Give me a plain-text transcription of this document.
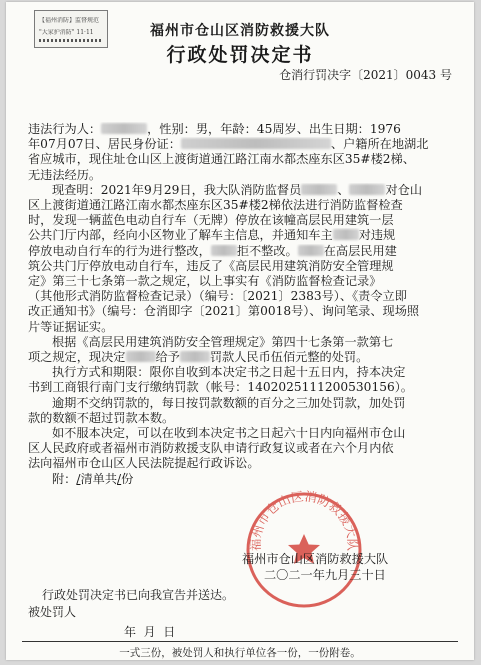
【福州消防】监督规范
"大家护消防" 11·11	福州市仓山区消防救援大队
行政处罚决定书
仓消行罚决字〔2021〕0043 号
违法行为人：	，性别：男，年龄：45周岁、出生日期：1976
年07月07日、居民身份证：	、户籍所在地湖北
省应城市，现住址仓山区上渡街道通江路江南水都杰座东区35#楼2梯、
无违法经历。
现查明：2021年9月29日，我大队消防监督员	、	对仓山
区上渡街道通江路江南水都杰座东区35#楼2梯依法进行消防监督检查
时，发现一辆蓝色电动自行车（无牌）停放在该幢高层民用建筑一层
公共门厅内部，经向小区物业了解车主信息，并通知车主 对违规
停放电动自行车的行为进行整改， 拒不整改。 在高层民用建
筑公共门厅停放电动自行车，违反了《高层民用建筑消防安全管理规
定》第三十七条第一款之规定，以上事实有《消防监督检查记录》
（其他形式消防监督检查记录）（编号：〔2021〕2383号）、《责令立即
改正通知书》（编号：仓消即字〔2021〕第0018号）、询问笔录、现场照
片等证据证实。
根据《高层民用建筑消防安全管理规定》第四十七条第一款第七
项之规定，现决定 给予 罚款人民币伍佰元整的处罚。
执行方式和期限：限你自收到本决定书之日起十五日内，持本决定
书到工商银行南门支行缴纳罚款（帐号：1402025111200530156）。
逾期不交纳罚款的，每日按罚款数额的百分之三加处罚款，加处罚
款的数额不超过罚款本数。
如不服本决定，可以在收到本决定书之日起六十日内向福州市仓山
区人民政府或者福州市消防救援支队申请行政复议或者在六个月内依
法向福州市仓山区人民法院提起行政诉讼。
附：/清单共/份
福州市仓山区消防救援大队
福州市仓山区消防救援大队
二〇二一年九月三十日
行政处罚决定书已向我宣告并送达。
被处罚人
年  月  日
一式三份，被处罚人和执行单位各一份，一份附卷。
